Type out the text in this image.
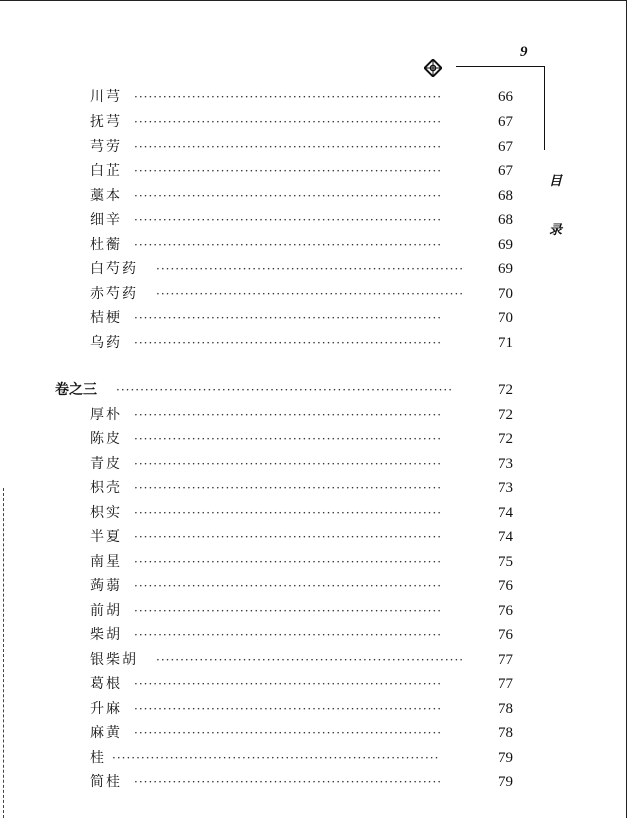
9
目
录
川芎 ································································	66
抚芎 ································································	67
芎劳 ································································	67
白芷 ································································	67
藁本 ································································	68
细辛 ································································	68
杜蘅 ································································	69
白芍药 ································································	69
赤芍药 ································································	70
桔梗 ································································	70
乌药 ································································	71
卷之三 ······································································	72
厚朴 ································································	72
陈皮 ································································	72
青皮 ································································	73
枳壳 ································································	73
枳实 ································································	74
半夏 ································································	74
南星 ································································	75
蒟蒻 ································································	76
前胡 ································································	76
柴胡 ································································	76
银柴胡 ································································	77
葛根 ································································	77
升麻 ································································	78
麻黄 ································································	78
桂 ····································································	79
简桂 ································································	79
